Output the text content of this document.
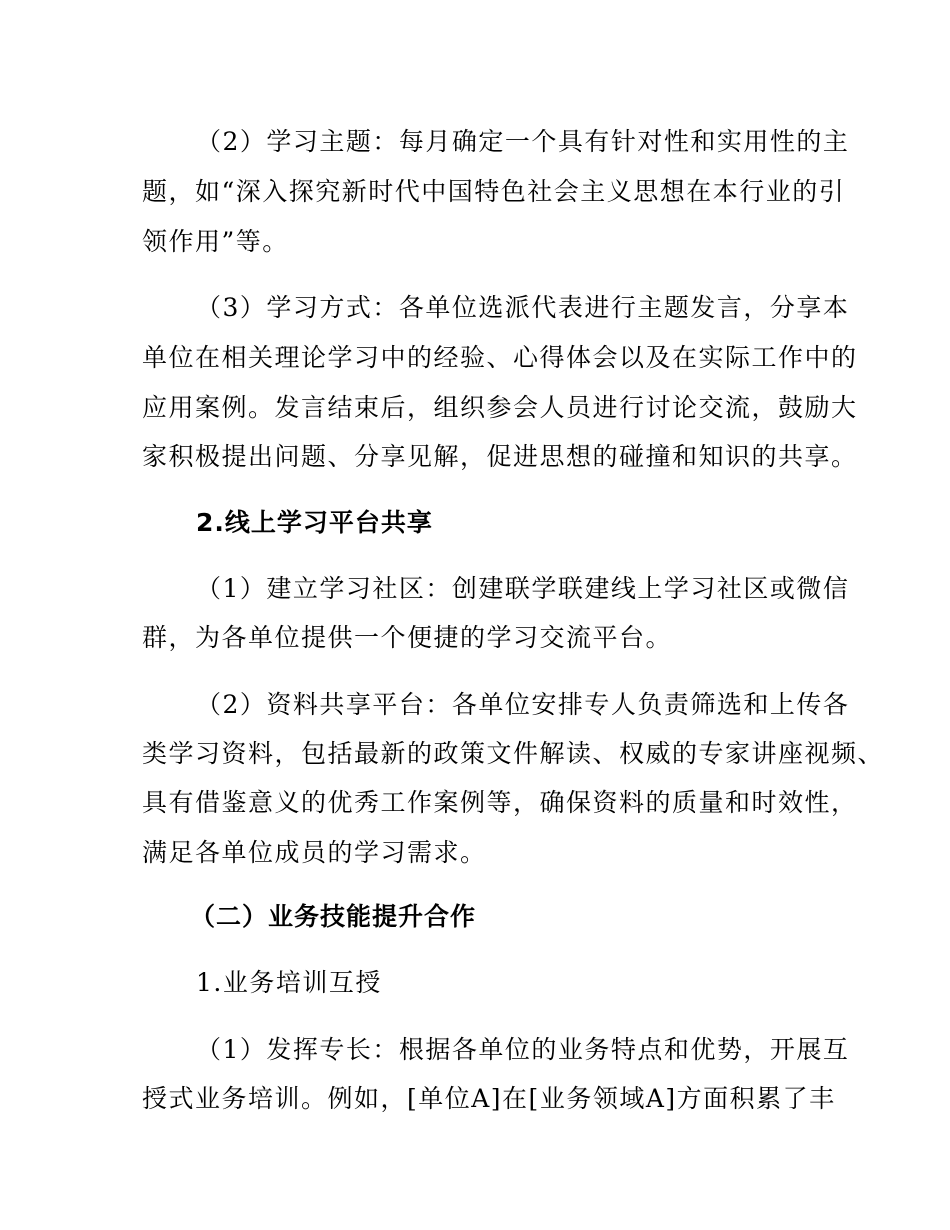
（2）学习主题：每月确定一个具有针对性和实用性的主
题，如“深入探究新时代中国特色社会主义思想在本行业的引
领作用”等。
（3）学习方式：各单位选派代表进行主题发言，分享本
单位在相关理论学习中的经验、心得体会以及在实际工作中的
应用案例。发言结束后，组织参会人员进行讨论交流，鼓励大
家积极提出问题、分享见解，促进思想的碰撞和知识的共享。
2.线上学习平台共享
（1）建立学习社区：创建联学联建线上学习社区或微信
群，为各单位提供一个便捷的学习交流平台。
（2）资料共享平台：各单位安排专人负责筛选和上传各
类学习资料，包括最新的政策文件解读、权威的专家讲座视频、
具有借鉴意义的优秀工作案例等，确保资料的质量和时效性，
满足各单位成员的学习需求。
（二）业务技能提升合作
1.业务培训互授
（1）发挥专长：根据各单位的业务特点和优势，开展互
授式业务培训。例如，[单位A]在[业务领域A]方面积累了丰
